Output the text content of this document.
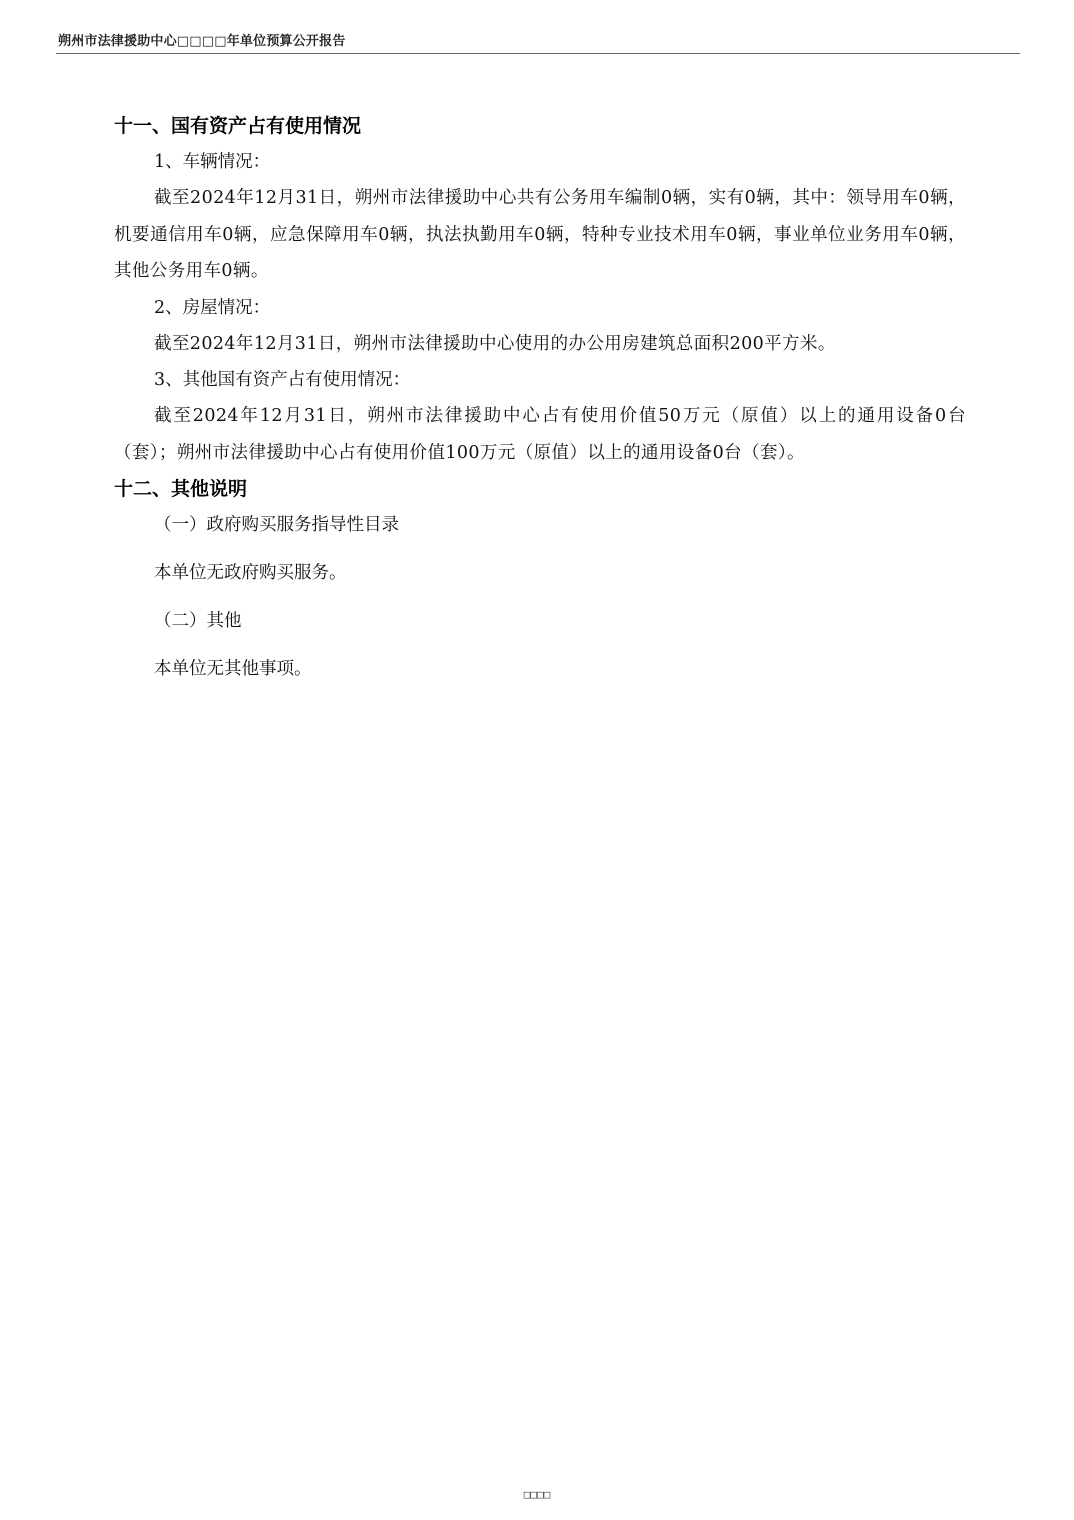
朔州市法律援助中心□□□□年单位预算公开报告

十一、国有资产占有使用情况

1、车辆情况：

截至2024年12月31日，朔州市法律援助中心共有公务用车编制0辆，实有0辆，其中：领导用车0辆，机要通信用车0辆，应急保障用车0辆，执法执勤用车0辆，特种专业技术用车0辆，事业单位业务用车0辆，其他公务用车0辆。

2、房屋情况：

截至2024年12月31日，朔州市法律援助中心使用的办公用房建筑总面积200平方米。

3、其他国有资产占有使用情况：

截至2024年12月31日，朔州市法律援助中心占有使用价值50万元（原值）以上的通用设备0台（套）；朔州市法律援助中心占有使用价值100万元（原值）以上的通用设备0台（套）。

十二、其他说明

（一）政府购买服务指导性目录

本单位无政府购买服务。

（二）其他

本单位无其他事项。

□□□□
